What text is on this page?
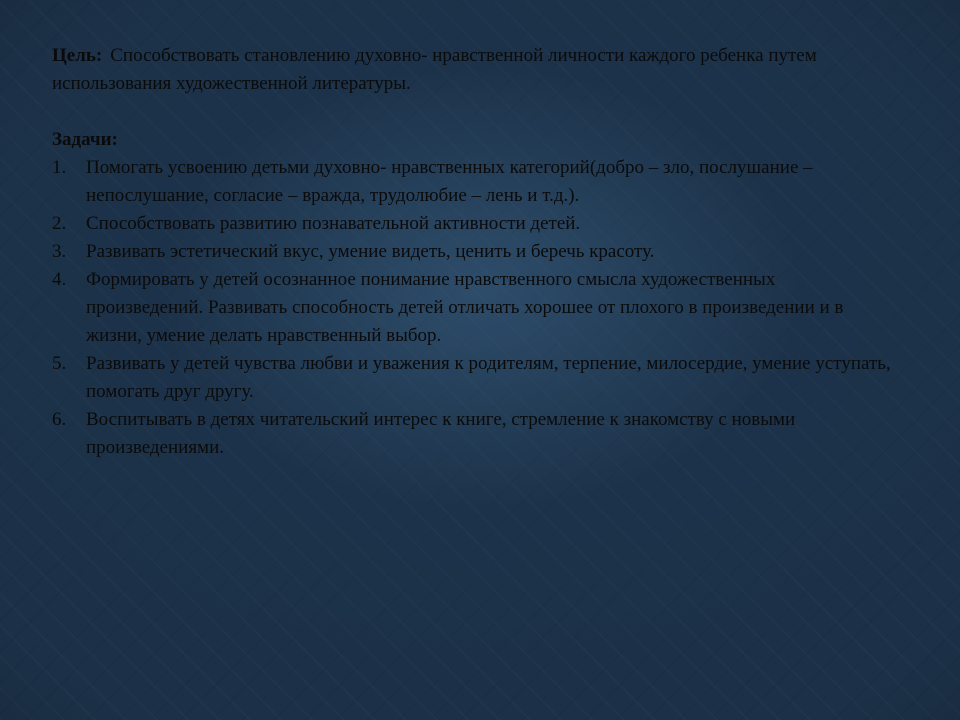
Цель: Способствовать становлению духовно- нравственной личности каждого ребенка путем использования художественной литературы.

Задачи:

1. Помогать усвоению детьми духовно- нравственных категорий(добро – зло, послушание – непослушание, согласие – вражда, трудолюбие – лень и т.д.).
2. Способствовать развитию познавательной активности детей.
3. Развивать эстетический вкус, умение видеть, ценить и беречь красоту.
4. Формировать у детей осознанное понимание нравственного смысла художественных произведений. Развивать способность детей отличать хорошее от плохого в произведении и в жизни, умение делать нравственный выбор.
5. Развивать у детей чувства любви и уважения к родителям, терпение, милосердие, умение уступать, помогать друг другу.
6. Воспитывать в детях читательский интерес к книге, стремление к знакомству с новыми произведениями.
